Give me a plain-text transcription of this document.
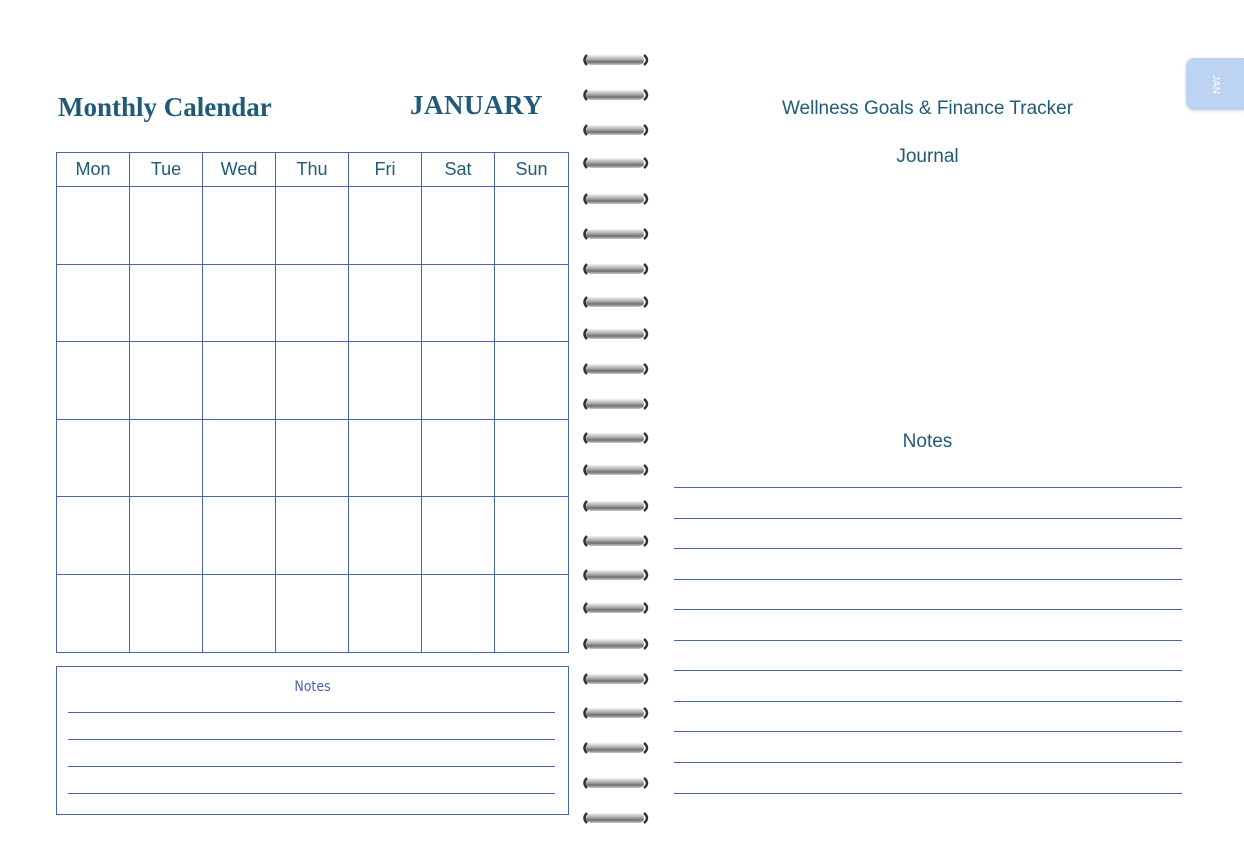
Monthly Calendar	JANUARY
Mon	Tue	Wed	Thu	Fri	Sat	Sun
Notes
Wellness Goals & Finance Tracker
Journal
Notes
JAN
